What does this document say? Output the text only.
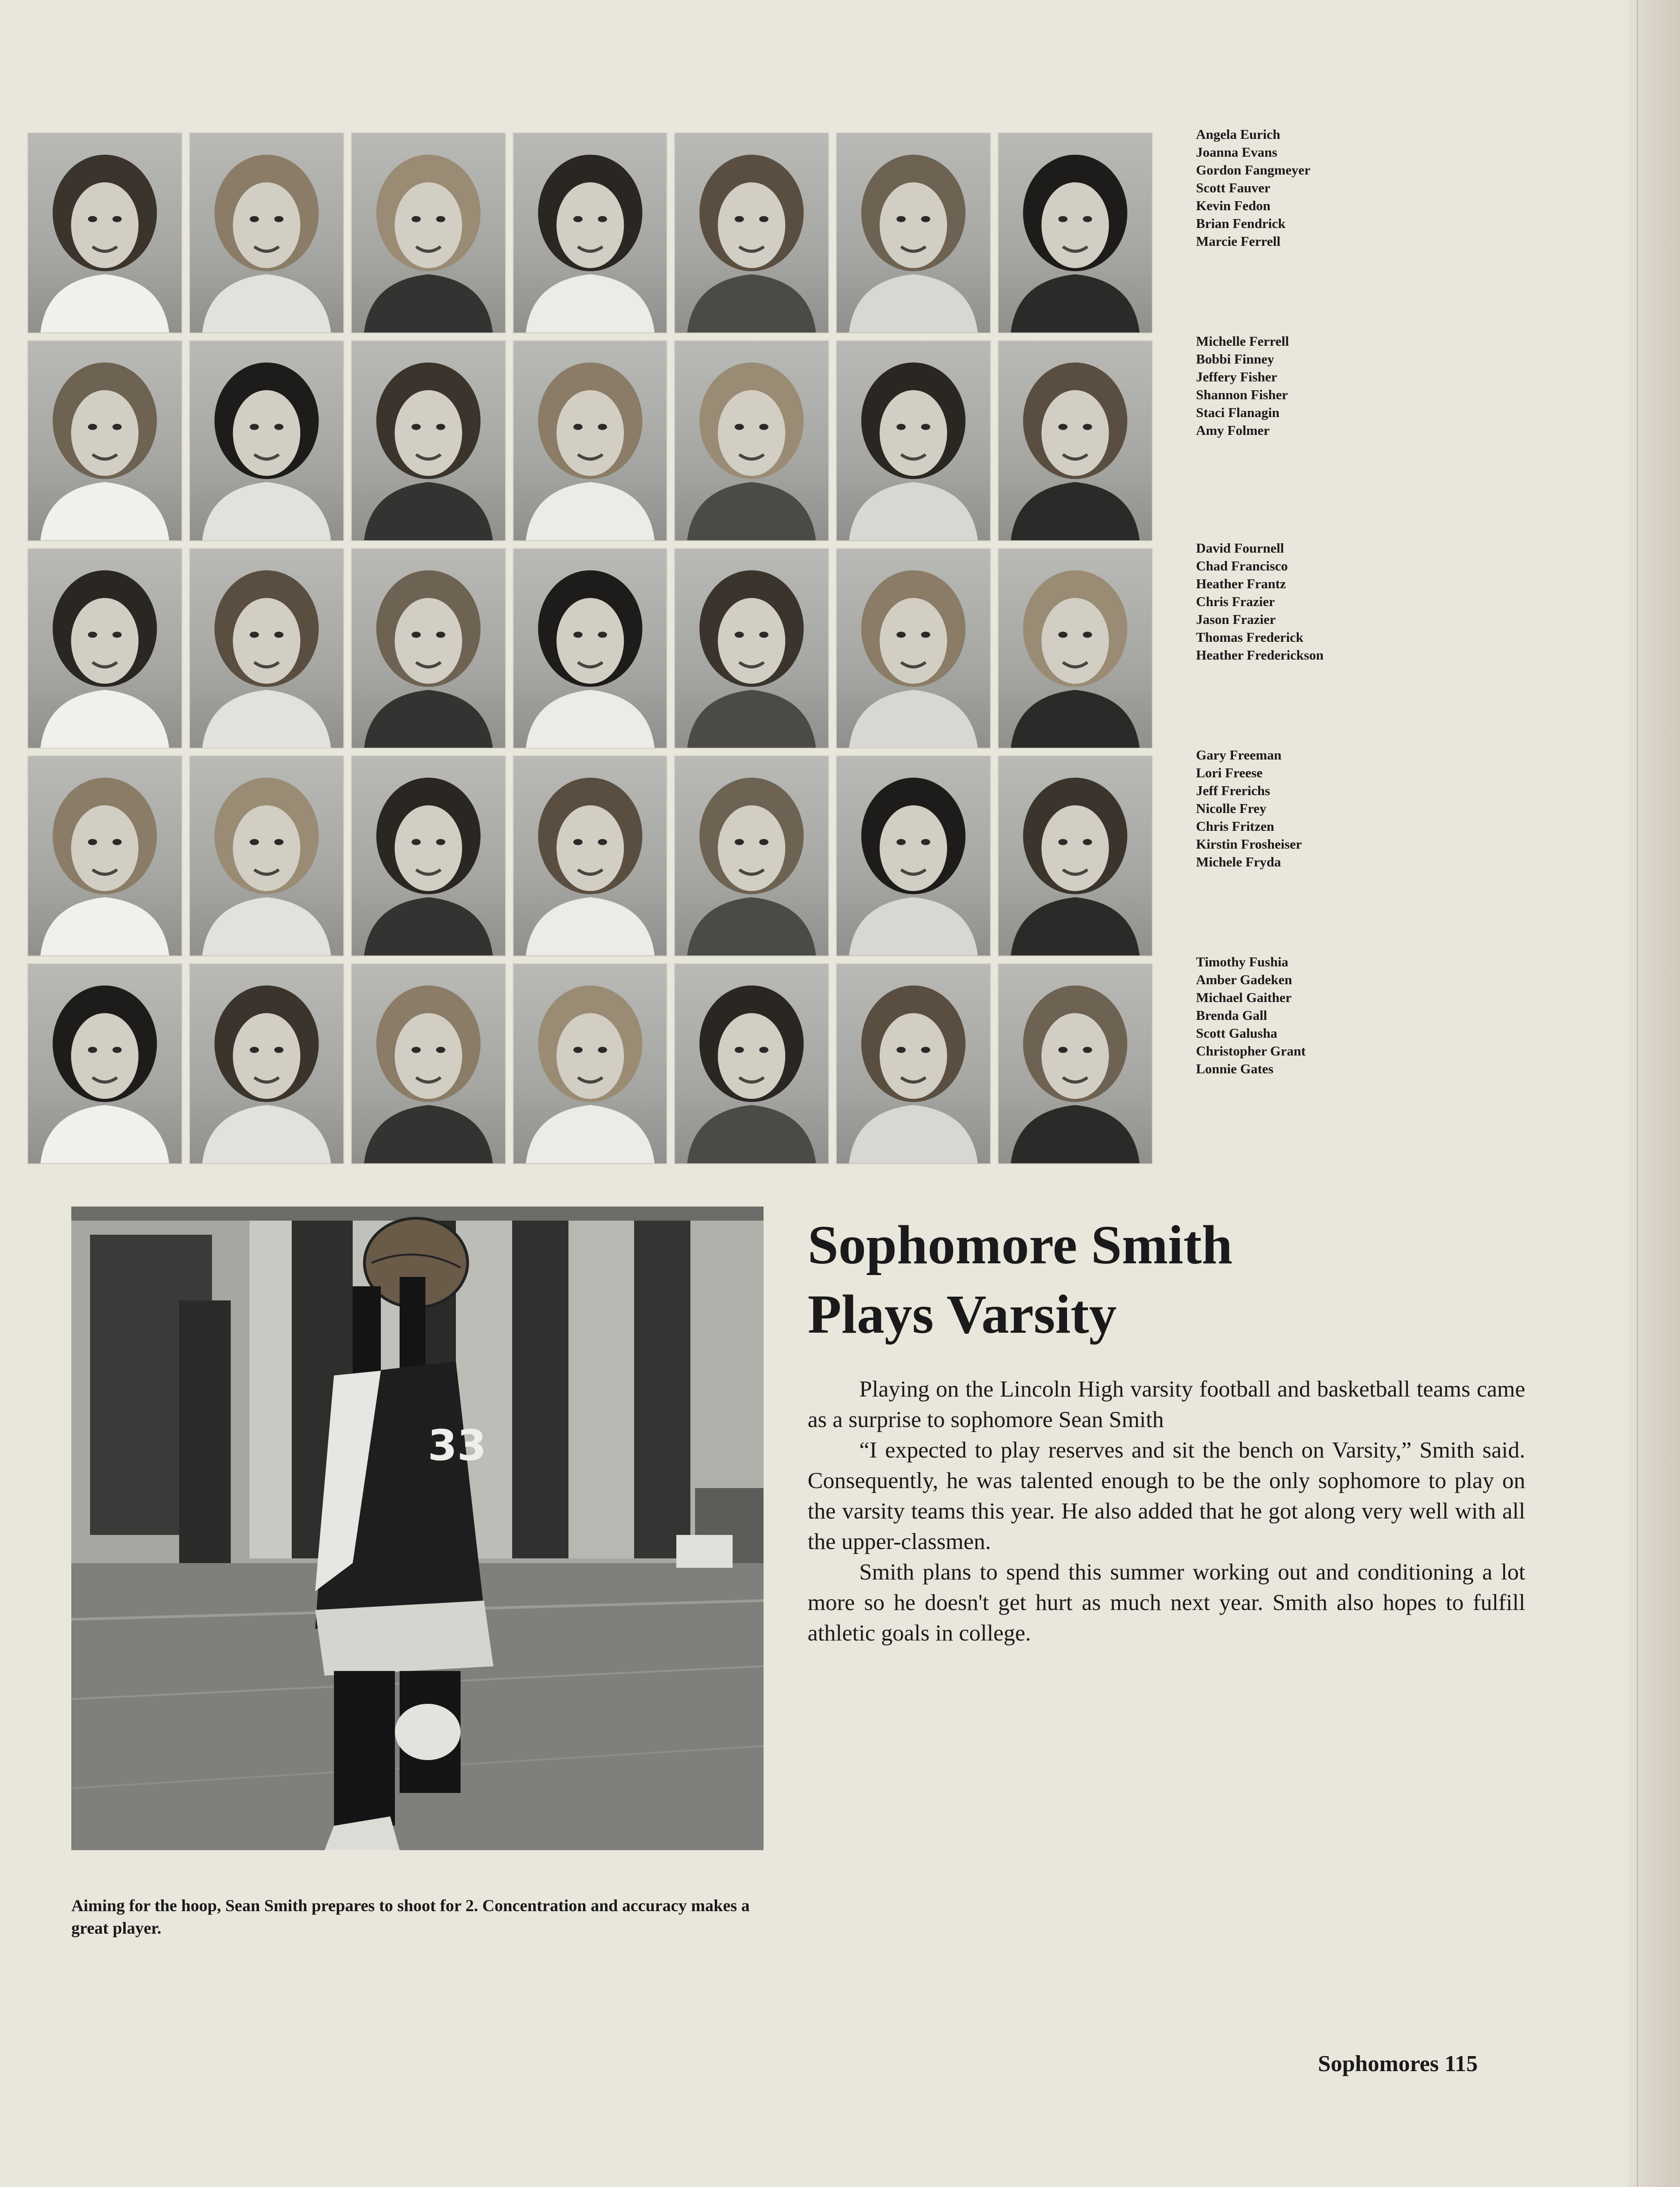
Angela Eurich
Joanna Evans
Gordon Fangmeyer
Scott Fauver
Kevin Fedon
Brian Fendrick
Marcie Ferrell
Michelle Ferrell
Bobbi Finney
Jeffery Fisher
Shannon Fisher
Staci Flanagin
Amy Folmer
David Fournell
Chad Francisco
Heather Frantz
Chris Frazier
Jason Frazier
Thomas Frederick
Heather Frederickson
Gary Freeman
Lori Freese
Jeff Frerichs
Nicolle Frey
Chris Fritzen
Kirstin Frosheiser
Michele Fryda
Timothy Fushia
Amber Gadeken
Michael Gaither
Brenda Gall
Scott Galusha
Christopher Grant
Lonnie Gates
33
Aiming for the hoop, Sean Smith prepares to shoot for 2. Concentration and accuracy makes a great player.
Sophomore Smith
Plays Varsity

Playing on the Lincoln High varsity football and basketball teams came as a surprise to sophomore Sean Smith

“I expected to play reserves and sit the bench on Varsity,” Smith said. Consequently, he was talented enough to be the only sophomore to play on the varsity teams this year. He also added that he got along very well with all the upper-classmen.

Smith plans to spend this summer working out and conditioning a lot more so he doesn't get hurt as much next year. Smith also hopes to fulfill athletic goals in college.

Sophomores 115
